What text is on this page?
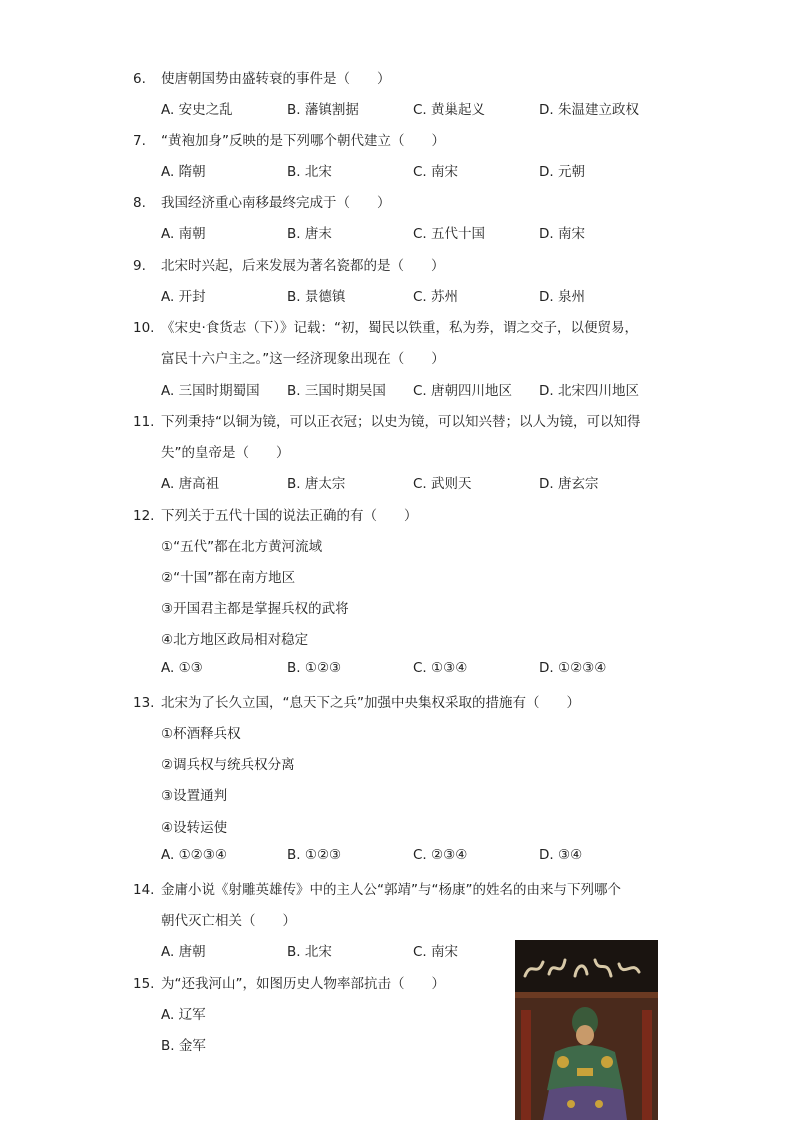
6. 使唐朝国势由盛转衰的事件是（　　）
A. 安史之乱	B. 藩镇割据	C. 黄巢起义	D. 朱温建立政权
7. “黄袍加身”反映的是下列哪个朝代建立（　　）
A. 隋朝	B. 北宋	C. 南宋	D. 元朝
8. 我国经济重心南移最终完成于（　　）
A. 南朝	B. 唐末	C. 五代十国	D. 南宋
9. 北宋时兴起，后来发展为著名瓷都的是（　　）
A. 开封	B. 景德镇	C. 苏州	D. 泉州
10. 《宋史·食货志（下）》记载：“初，蜀民以铁重，私为券，谓之交子，以便贸易，
富民十六户主之。”这一经济现象出现在（　　）
A. 三国时期蜀国 B. 三国时期吴国 C. 唐朝四川地区 D. 北宋四川地区
11. 下列秉持“以铜为镜，可以正衣冠；以史为镜，可以知兴替；以人为镜，可以知得
失”的皇帝是（　　）
A. 唐高祖	B. 唐太宗	C. 武则天	D. 唐玄宗
12. 下列关于五代十国的说法正确的有（　　）
①“五代”都在北方黄河流域
②“十国”都在南方地区
③开国君主都是掌握兵权的武将
④北方地区政局相对稳定
A. ①③	B. ①②③	C. ①③④	D. ①②③④
13. 北宋为了长久立国，“息天下之兵”加强中央集权采取的措施有（　　）
①杯酒释兵权
②调兵权与统兵权分离
③设置通判
④设转运使
A. ①②③④	B. ①②③	C. ②③④	D. ③④
14. 金庸小说《射雕英雄传》中的主人公“郭靖”与“杨康”的姓名的由来与下列哪个
朝代灭亡相关（　　）
A. 唐朝	B. 北宋	C. 南宋
15. 为“还我河山”，如图历史人物率部抗击（　　）
A. 辽军
B. 金军
